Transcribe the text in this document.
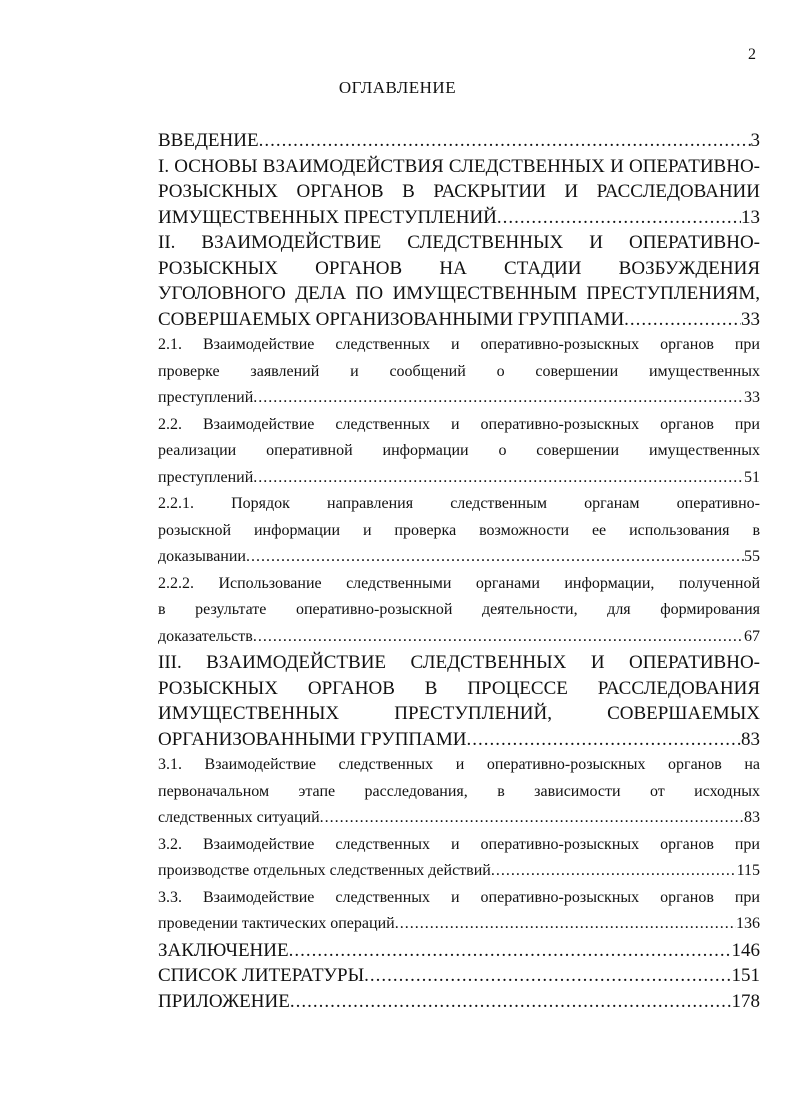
2
ОГЛАВЛЕНИЕ
ВВЕДЕНИЕ .....	3
I. ОСНОВЫ ВЗАИМОДЕЙСТВИЯ СЛЕДСТВЕННЫХ И ОПЕРАТИВНО-
РОЗЫСКНЫХ ОРГАНОВ В РАСКРЫТИИ И РАССЛЕДОВАНИИ
ИМУЩЕСТВЕННЫХ ПРЕСТУПЛЕНИЙ .....	13
II. ВЗАИМОДЕЙСТВИЕ СЛЕДСТВЕННЫХ И ОПЕРАТИВНО-
РОЗЫСКНЫХ ОРГАНОВ НА СТАДИИ ВОЗБУЖДЕНИЯ
УГОЛОВНОГО ДЕЛА ПО ИМУЩЕСТВЕННЫМ ПРЕСТУПЛЕНИЯМ,
СОВЕРШАЕМЫХ ОРГАНИЗОВАННЫМИ ГРУППАМИ .....	33
2.1. Взаимодействие следственных и оперативно-розыскных органов при
проверке заявлений и сообщений о совершении имущественных
преступлений .....	33
2.2. Взаимодействие следственных и оперативно-розыскных органов при
реализации оперативной информации о совершении имущественных
преступлений .....	51
2.2.1. Порядок направления следственным органам оперативно-
розыскной информации и проверка возможности ее использования в
доказывании .....	55
2.2.2. Использование следственными органами информации, полученной
в результате оперативно-розыскной деятельности, для формирования
доказательств .....	67
III. ВЗАИМОДЕЙСТВИЕ СЛЕДСТВЕННЫХ И ОПЕРАТИВНО-
РОЗЫСКНЫХ ОРГАНОВ В ПРОЦЕССЕ РАССЛЕДОВАНИЯ
ИМУЩЕСТВЕННЫХ ПРЕСТУПЛЕНИЙ, СОВЕРШАЕМЫХ
ОРГАНИЗОВАННЫМИ ГРУППАМИ .....	83
3.1. Взаимодействие следственных и оперативно-розыскных органов на
первоначальном этапе расследования, в зависимости от исходных
следственных ситуаций .....	83
3.2. Взаимодействие следственных и оперативно-розыскных органов при
производстве отдельных следственных действий .....	115
3.3. Взаимодействие следственных и оперативно-розыскных органов при
проведении тактических операций .....	136
ЗАКЛЮЧЕНИЕ .....	146
СПИСОК ЛИТЕРАТУРЫ .....	151
ПРИЛОЖЕНИЕ .....	178
